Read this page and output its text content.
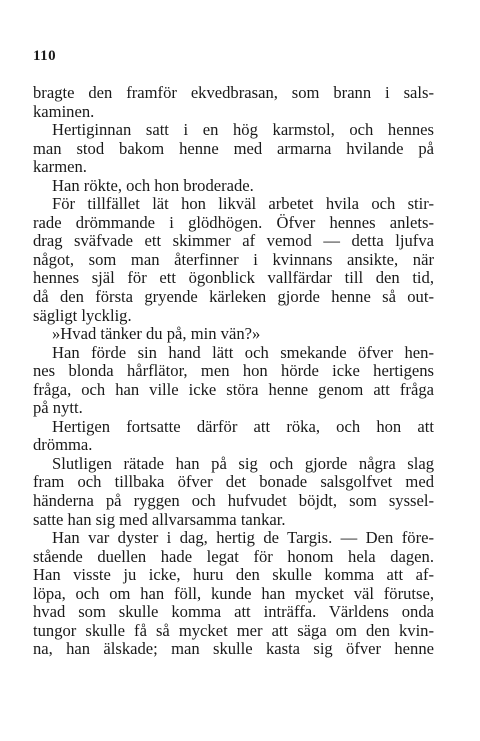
110
bragte den framför ekvedbrasan, som brann i sals-
kaminen.
Hertiginnan satt i en hög karmstol, och hennes
man stod bakom henne med armarna hvilande på
karmen.
Han rökte, och hon broderade.
För tillfället lät hon likväl arbetet hvila och stir-
rade drömmande i glödhögen. Öfver hennes anlets-
drag sväfvade ett skimmer af vemod — detta ljufva
något, som man återfinner i kvinnans ansikte, när
hennes själ för ett ögonblick vallfärdar till den tid,
då den första gryende kärleken gjorde henne så out-
sägligt lycklig.
»Hvad tänker du på, min vän?»
Han förde sin hand lätt och smekande öfver hen-
nes blonda hårflätor, men hon hörde icke hertigens
fråga, och han ville icke störa henne genom att fråga
på nytt.
Hertigen fortsatte därför att röka, och hon att
drömma.
Slutligen rätade han på sig och gjorde några slag
fram och tillbaka öfver det bonade salsgolfvet med
händerna på ryggen och hufvudet böjdt, som syssel-
satte han sig med allvarsamma tankar.
Han var dyster i dag, hertig de Targis. — Den före-
stående duellen hade legat för honom hela dagen.
Han visste ju icke, huru den skulle komma att af-
löpa, och om han föll, kunde han mycket väl förutse,
hvad som skulle komma att inträffa. Världens onda
tungor skulle få så mycket mer att säga om den kvin-
na, han älskade; man skulle kasta sig öfver henne
